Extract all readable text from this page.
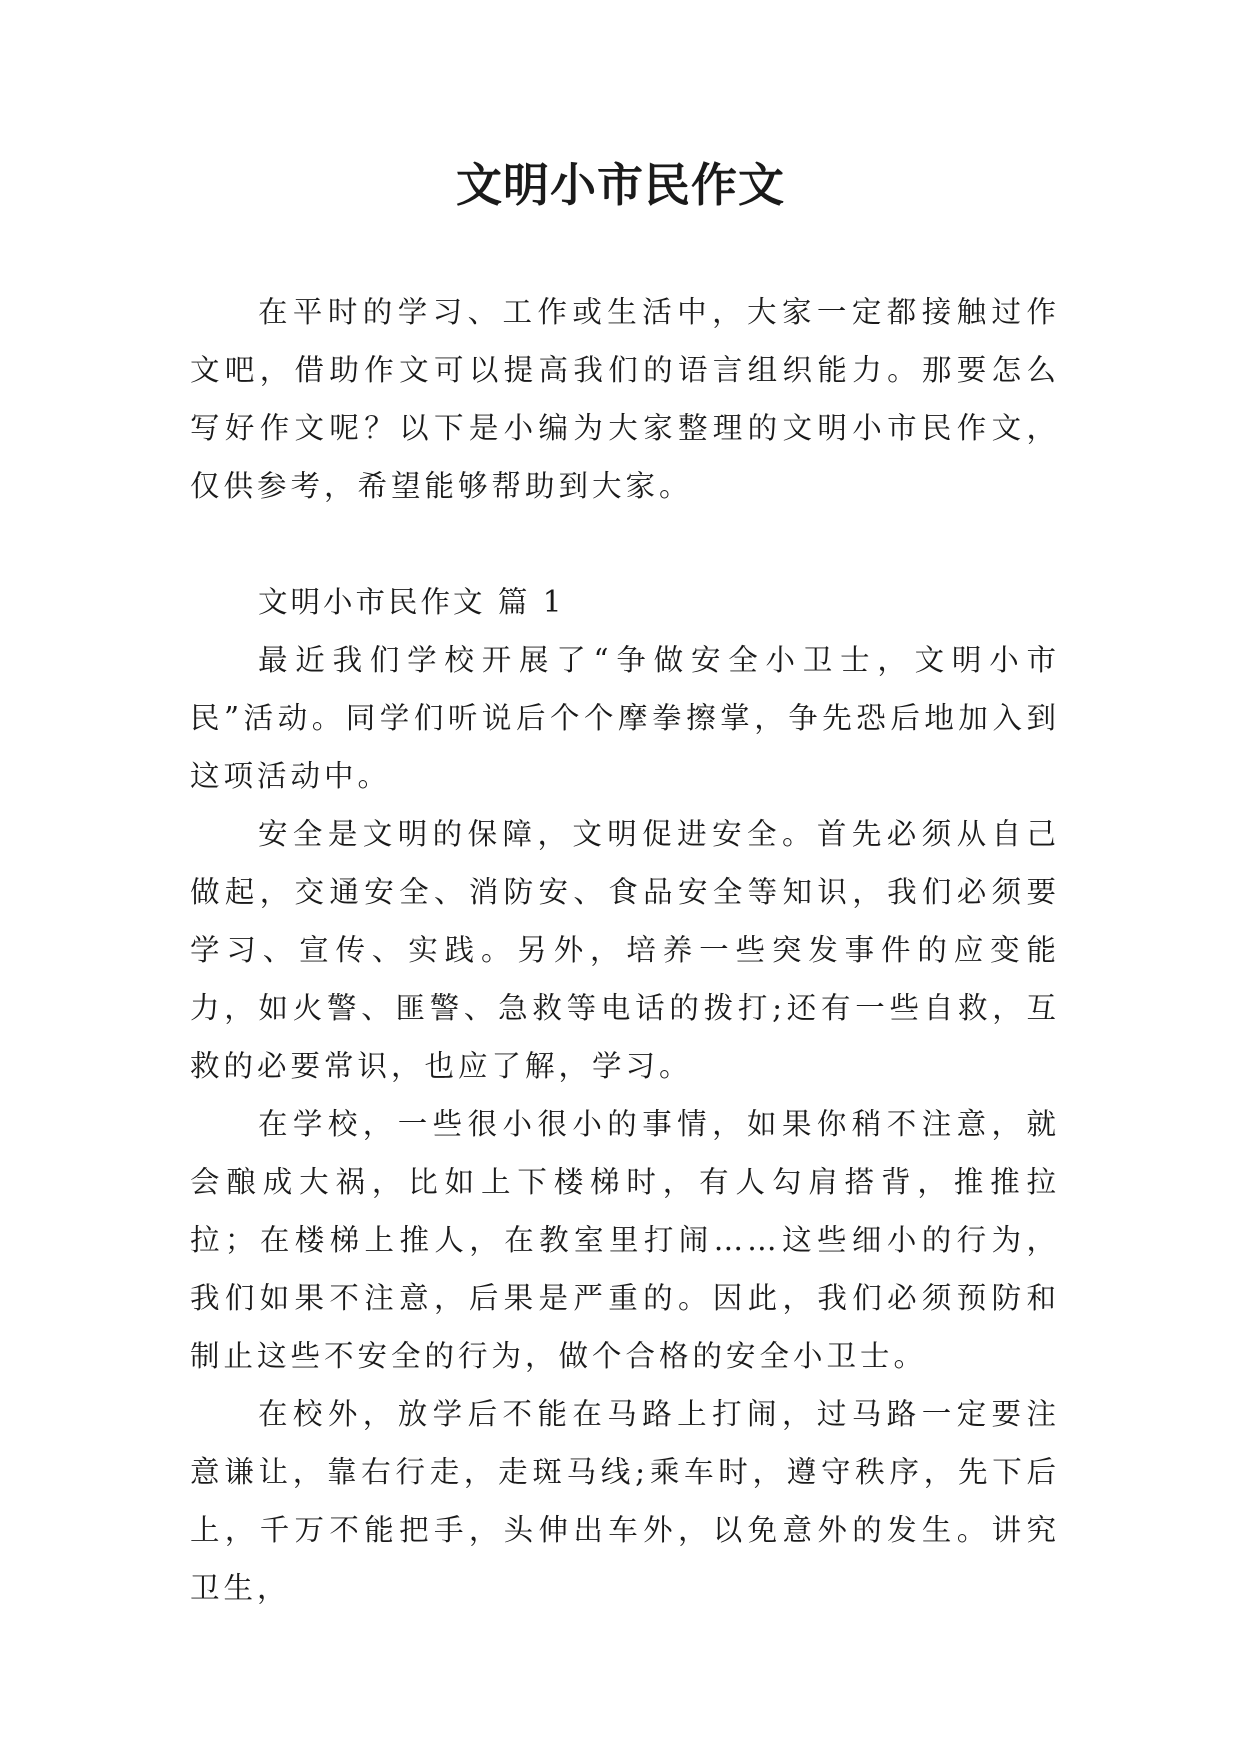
文明小市民作文

在平时的学习、工作或生活中，大家一定都接触过作文吧，借助作文可以提高我们的语言组织能力。那要怎么写好作文呢？以下是小编为大家整理的文明小市民作文，仅供参考，希望能够帮助到大家。

文明小市民作文 篇 1

最近我们学校开展了“争做安全小卫士，文明小市民”活动。同学们听说后个个摩拳擦掌，争先恐后地加入到这项活动中。

安全是文明的保障，文明促进安全。首先必须从自己做起，交通安全、消防安、食品安全等知识，我们必须要学习、宣传、实践。另外，培养一些突发事件的应变能力，如火警、匪警、急救等电话的拨打;还有一些自救，互救的必要常识，也应了解，学习。

在学校，一些很小很小的事情，如果你稍不注意，就会酿成大祸，比如上下楼梯时，有人勾肩搭背，推推拉拉；在楼梯上推人，在教室里打闹……这些细小的行为，我们如果不注意，后果是严重的。因此，我们必须预防和制止这些不安全的行为，做个合格的安全小卫士。

在校外，放学后不能在马路上打闹，过马路一定要注意谦让，靠右行走，走斑马线;乘车时，遵守秩序，先下后上，千万不能把手，头伸出车外，以免意外的发生。讲究卫生，
